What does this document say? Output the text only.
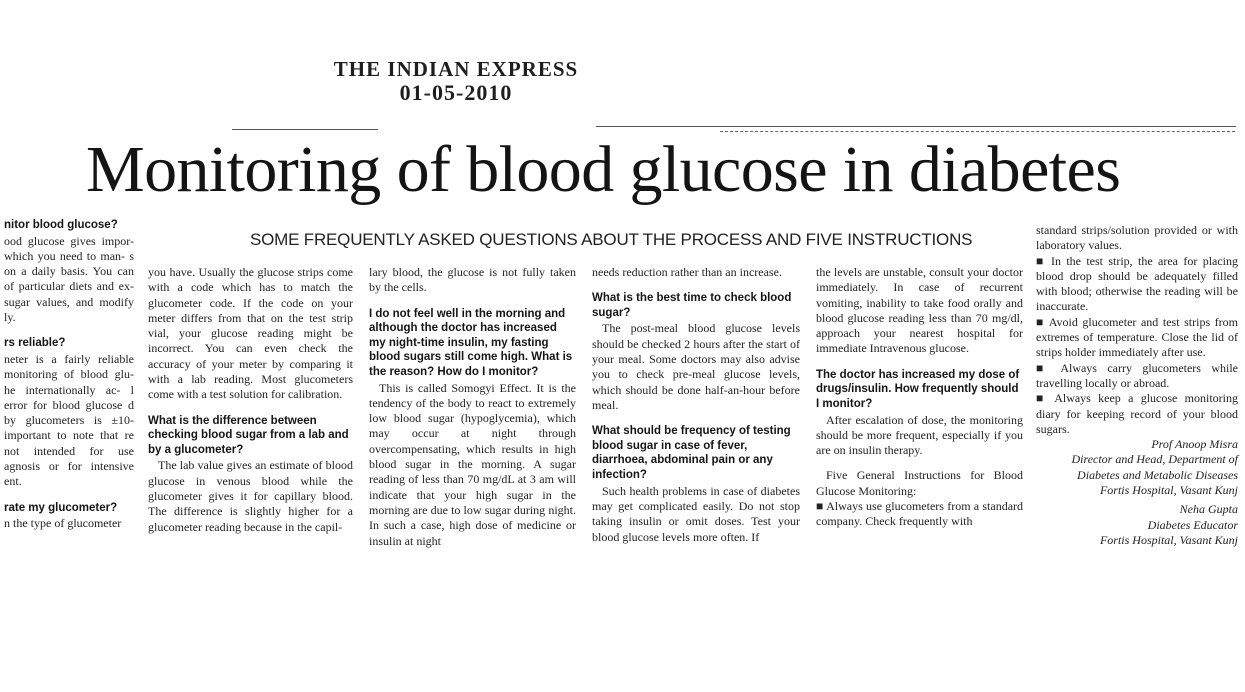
THE INDIAN EXPRESS
01-05-2010
Monitoring of blood glucose in diabetes
SOME FREQUENTLY ASKED QUESTIONS ABOUT THE PROCESS AND FIVE INSTRUCTIONS
nitor blood glucose?

ood glucose gives impor- which you need to man- s on a daily basis. You can of particular diets and ex- sugar values, and modify ly.

rs reliable?

neter is a fairly reliable monitoring of blood glu- he internationally ac- l error for blood glucose d by glucometers is ±10- important to note that re not intended for use agnosis or for intensive ent.

rate my glucometer?

n the type of glucometer

you have. Usually the glucose strips come with a code which has to match the glucometer code. If the code on your meter differs from that on the test strip vial, your glucose reading might be incorrect. You can even check the accuracy of your meter by comparing it with a lab reading. Most glucometers come with a test solution for calibration.

What is the difference between checking blood sugar from a lab and by a glucometer?

The lab value gives an estimate of blood glucose in venous blood while the glucometer gives it for capillary blood. The difference is slightly higher for a glucometer reading because in the capil-

lary blood, the glucose is not fully taken by the cells.

I do not feel well in the morning and although the doctor has increased my night-time insulin, my fasting blood sugars still come high. What is the reason? How do I monitor?

This is called Somogyi Effect. It is the tendency of the body to react to extremely low blood sugar (hypoglycemia), which may occur at night through overcompensating, which results in high blood sugar in the morning. A sugar reading of less than 70 mg/dL at 3 am will indicate that your high sugar in the morning are due to low sugar during night. In such a case, high dose of medicine or insulin at night

needs reduction rather than an increase.

What is the best time to check blood sugar?

The post-meal blood glucose levels should be checked 2 hours after the start of your meal. Some doctors may also advise you to check pre-meal glucose levels, which should be done half-an-hour before meal.

What should be frequency of testing blood sugar in case of fever, diarrhoea, abdominal pain or any infection?

Such health problems in case of diabetes may get complicated easily. Do not stop taking insulin or omit doses. Test your blood glucose levels more often. If

the levels are unstable, consult your doctor immediately. In case of recurrent vomiting, inability to take food orally and blood glucose reading less than 70 mg/dl, approach your nearest hospital for immediate Intravenous glucose.

The doctor has increased my dose of drugs/insulin. How frequently should I monitor?

After escalation of dose, the monitoring should be more frequent, especially if you are on insulin therapy.

Five General Instructions for Blood Glucose Monitoring:

■ Always use glucometers from a standard company. Check frequently with

standard strips/solution provided or with laboratory values.

■ In the test strip, the area for placing blood drop should be adequately filled with blood; otherwise the reading will be inaccurate.

■ Avoid glucometer and test strips from extremes of temperature. Close the lid of strips holder immediately after use.

■ Always carry glucometers while travelling locally or abroad.

■ Always keep a glucose monitoring diary for keeping record of your blood sugars.

Prof Anoop Misra

Director and Head, Department of Diabetes and Metabolic Diseases

Fortis Hospital, Vasant Kunj

Neha Gupta

Diabetes Educator

Fortis Hospital, Vasant Kunj
